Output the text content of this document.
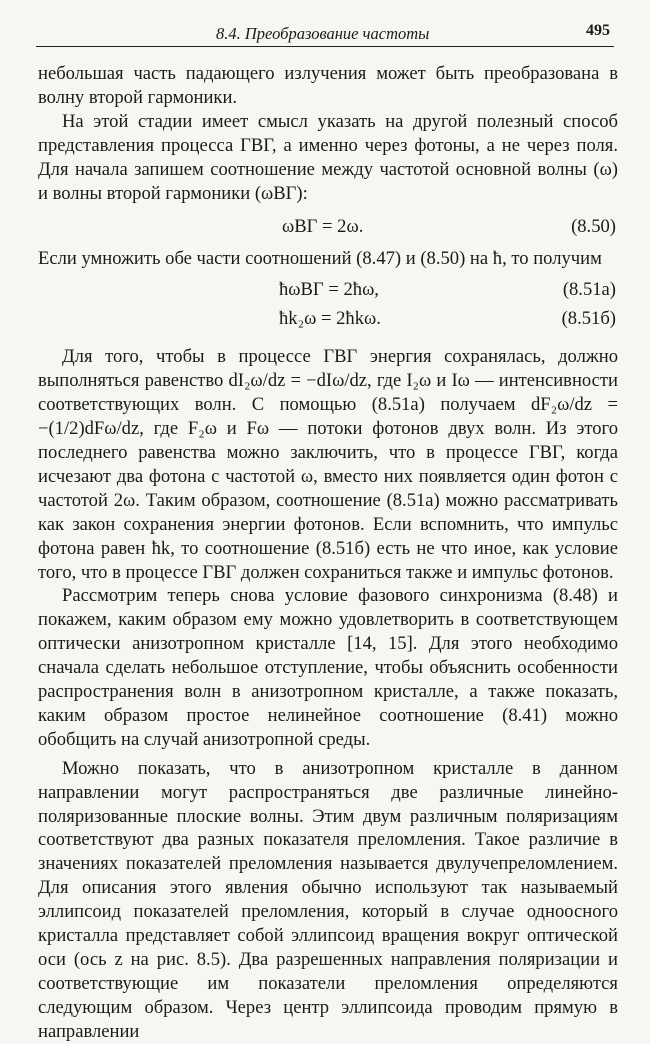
8.4. Преобразование частоты	495

небольшая часть падающего излучения может быть преобразована в волну второй гармоники.

На этой стадии имеет смысл указать на другой полезный способ представления процесса ГВГ, а именно через фотоны, а не через поля. Для начала запишем соотношение между частотой основной волны (ω) и волны второй гармоники (ωВГ):

ωВГ = 2ω.	(8.50)

Если умножить обе части соотношений (8.47) и (8.50) на ħ, то получим

ħωВГ = 2ħω,	(8.51а)
ħk₂ω = 2ħkω.	(8.51б)

Для того, чтобы в процессе ГВГ энергия сохранялась, должно выполняться равенство dI₂ω/dz = −dIω/dz, где I₂ω и Iω — интенсивности соответствующих волн. С помощью (8.51а) получаем dF₂ω/dz = −(1/2)dFω/dz, где F₂ω и Fω — потоки фотонов двух волн. Из этого последнего равенства можно заключить, что в процессе ГВГ, когда исчезают два фотона с частотой ω, вместо них появляется один фотон с частотой 2ω. Таким образом, соотношение (8.51а) можно рассматривать как закон сохранения энергии фотонов. Если вспомнить, что импульс фотона равен ħk, то соотношение (8.51б) есть не что иное, как условие того, что в процессе ГВГ должен сохраниться также и импульс фотонов.

Рассмотрим теперь снова условие фазового синхронизма (8.48) и покажем, каким образом ему можно удовлетворить в соответствующем оптически анизотропном кристалле [14, 15]. Для этого необходимо сначала сделать небольшое отступление, чтобы объяснить особенности распространения волн в анизотропном кристалле, а также показать, каким образом простое нелинейное соотношение (8.41) можно обобщить на случай анизотропной среды.

Можно показать, что в анизотропном кристалле в данном направлении могут распространяться две различные линейно-поляризованные плоские волны. Этим двум различным поляризациям соответствуют два разных показателя преломления. Такое различие в значениях показателей преломления называется двулучепреломлением. Для описания этого явления обычно используют так называемый эллипсоид показателей преломления, который в случае одноосного кристалла представляет собой эллипсоид вращения вокруг оптической оси (ось z на рис. 8.5). Два разрешенных направления поляризации и соответствующие им показатели преломления определяются следующим образом. Через центр эллипсоида проводим прямую в направлении
